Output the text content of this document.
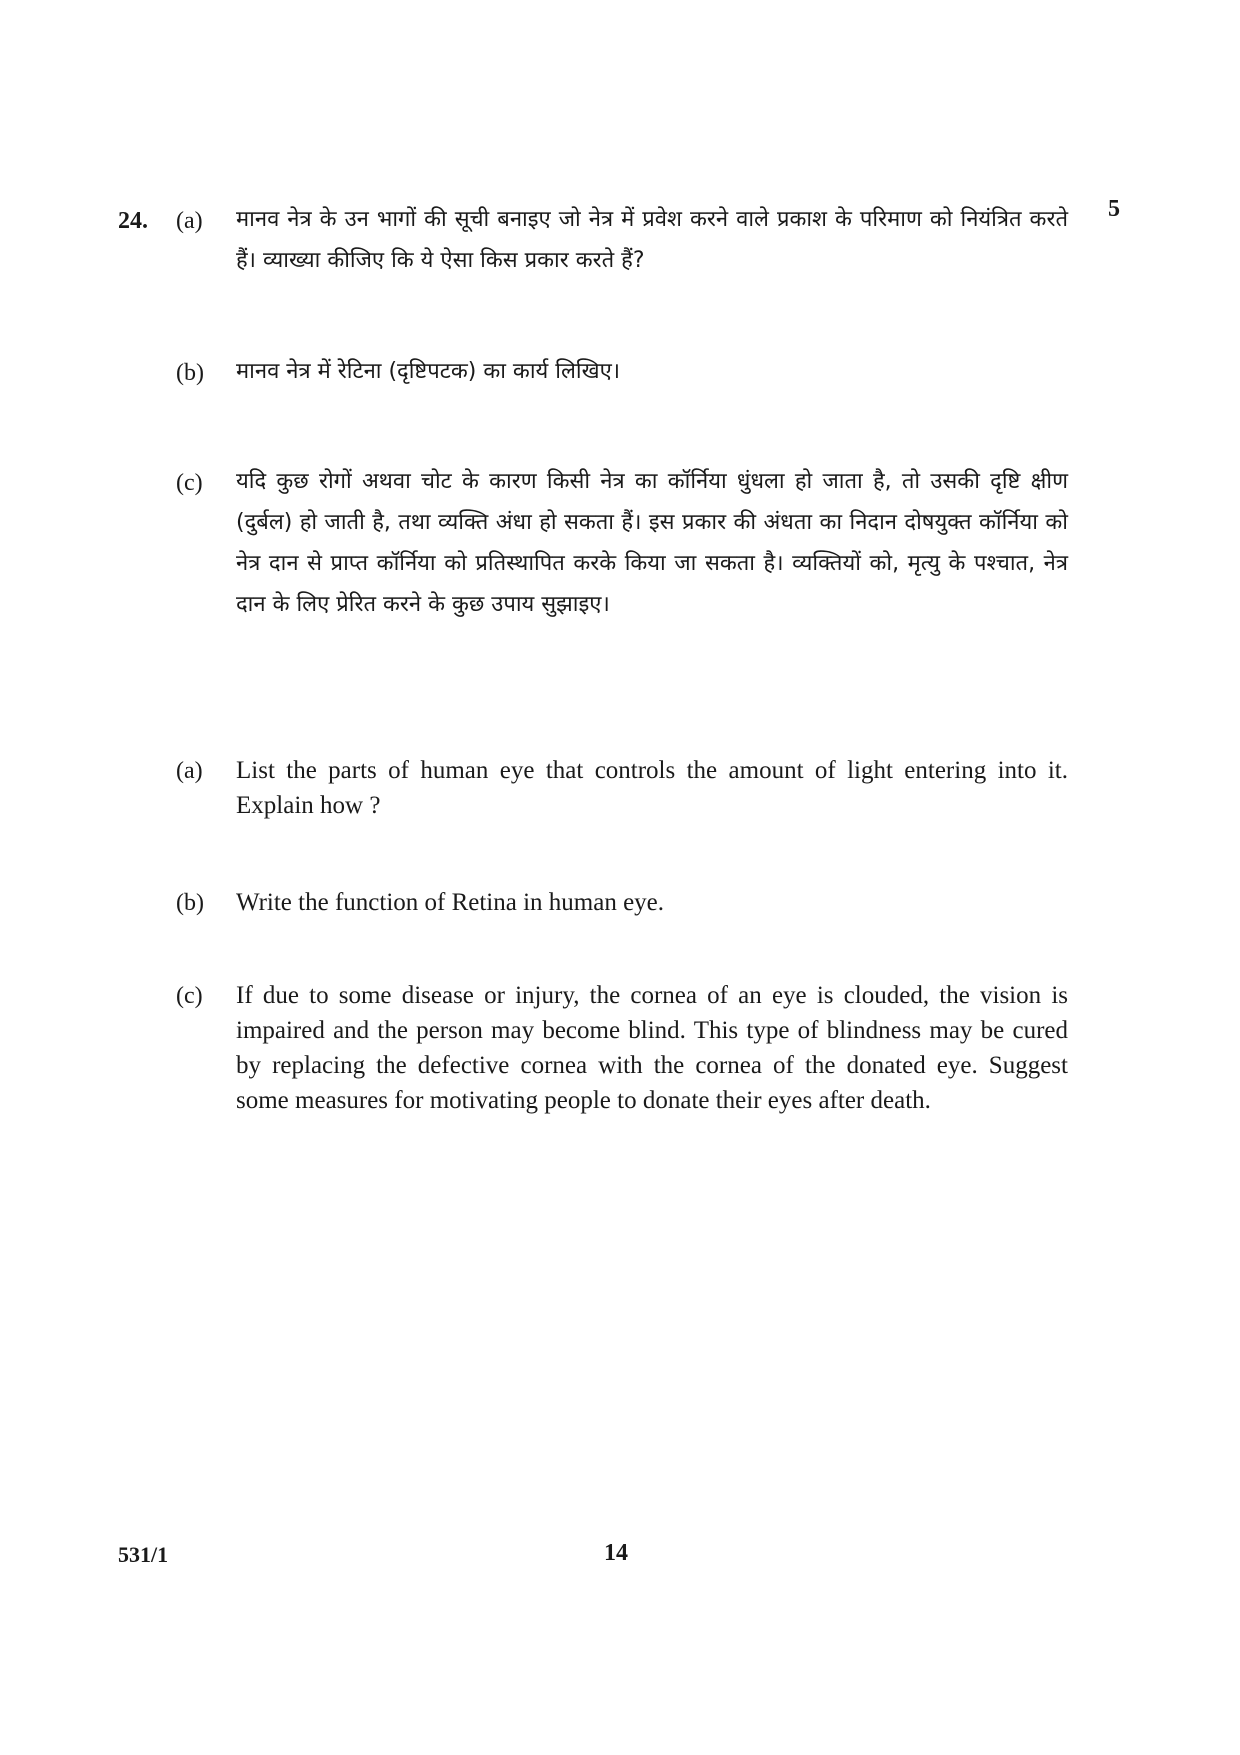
24.	5
(a) मानव नेत्र के उन भागों की सूची बनाइए जो नेत्र में प्रवेश करने वाले प्रकाश के परिमाण को नियंत्रित करते हैं। व्याख्या कीजिए कि ये ऐसा किस प्रकार करते हैं?

(b) मानव नेत्र में रेटिना (दृष्टिपटक) का कार्य लिखिए।

(c) यदि कुछ रोगों अथवा चोट के कारण किसी नेत्र का कॉर्निया धुंधला हो जाता है, तो उसकी दृष्टि क्षीण (दुर्बल) हो जाती है, तथा व्यक्ति अंधा हो सकता हैं। इस प्रकार की अंधता का निदान दोषयुक्त कॉर्निया को नेत्र दान से प्राप्त कॉर्निया को प्रतिस्थापित करके किया जा सकता है। व्यक्तियों को, मृत्यु के पश्चात, नेत्र दान के लिए प्रेरित करने के कुछ उपाय सुझाइए।

(a) List the parts of human eye that controls the amount of light entering into it. Explain how ?

(b) Write the function of Retina in human eye.

(c) If due to some disease or injury, the cornea of an eye is clouded, the vision is impaired and the person may become blind. This type of blindness may be cured by replacing the defective cornea with the cornea of the donated eye. Suggest some measures for motivating people to donate their eyes after death.

531/1	14
